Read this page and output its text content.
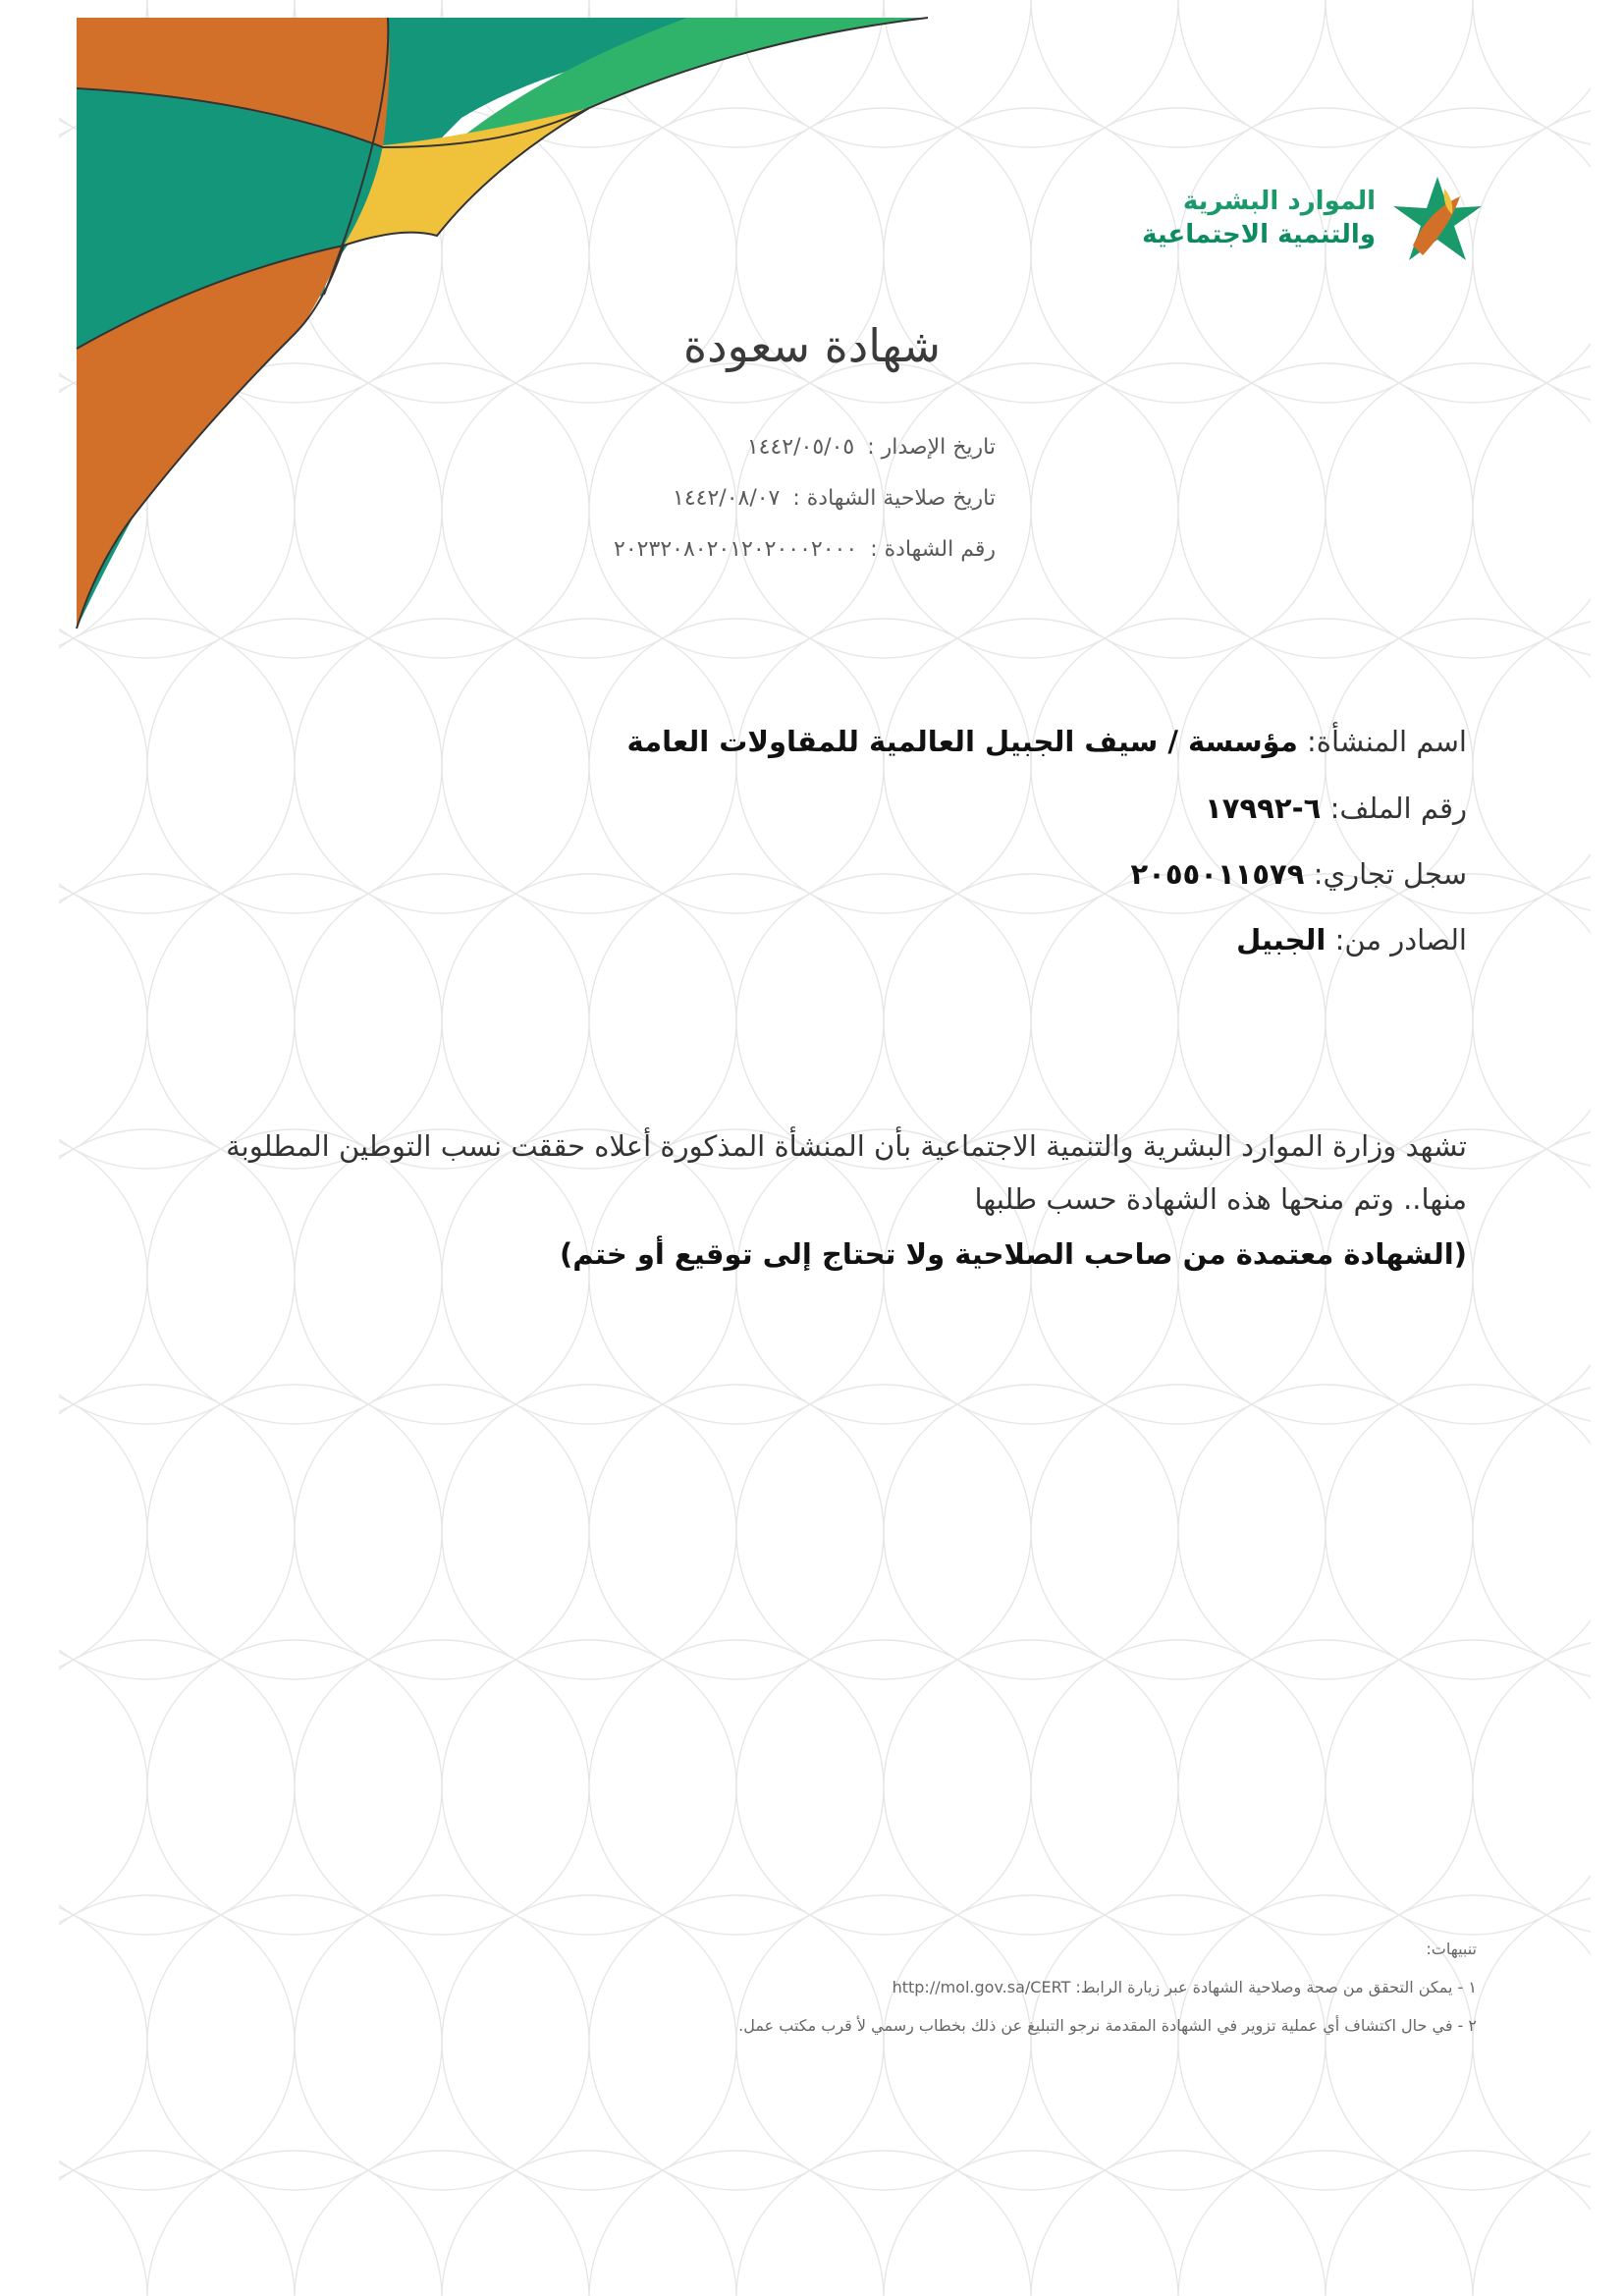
الموارد البشرية
والتنمية الاجتماعية
شهادة سعودة
تاريخ الإصدار : ١٤٤٢/٠٥/٠٥
تاريخ صلاحية الشهادة : ١٤٤٢/٠٨/٠٧
رقم الشهادة : ٢٠٢٣٢٠٨٠٢٠١٢٠٢٠٠٠٢٠٠٠
اسم المنشأة: مؤسسة / سيف الجبيل العالمية للمقاولات العامة
رقم الملف: ٦-١٧٩٩٢
سجل تجاري: ٢٠٥٥٠١١٥٧٩
الصادر من: الجبيل
تشهد وزارة الموارد البشرية والتنمية الاجتماعية بأن المنشأة المذكورة أعلاه حققت نسب التوطين المطلوبة
منها.. وتم منحها هذه الشهادة حسب طلبها
(الشهادة معتمدة من صاحب الصلاحية ولا تحتاج إلى توقيع أو ختم)
تنبيهات:
١ - يمكن التحقق من صحة وصلاحية الشهادة عبر زيارة الرابط: http://mol.gov.sa/CERT
٢ - في حال اكتشاف أي عملية تزوير في الشهادة المقدمة نرجو التبليغ عن ذلك بخطاب رسمي لأ قرب مكتب عمل.
